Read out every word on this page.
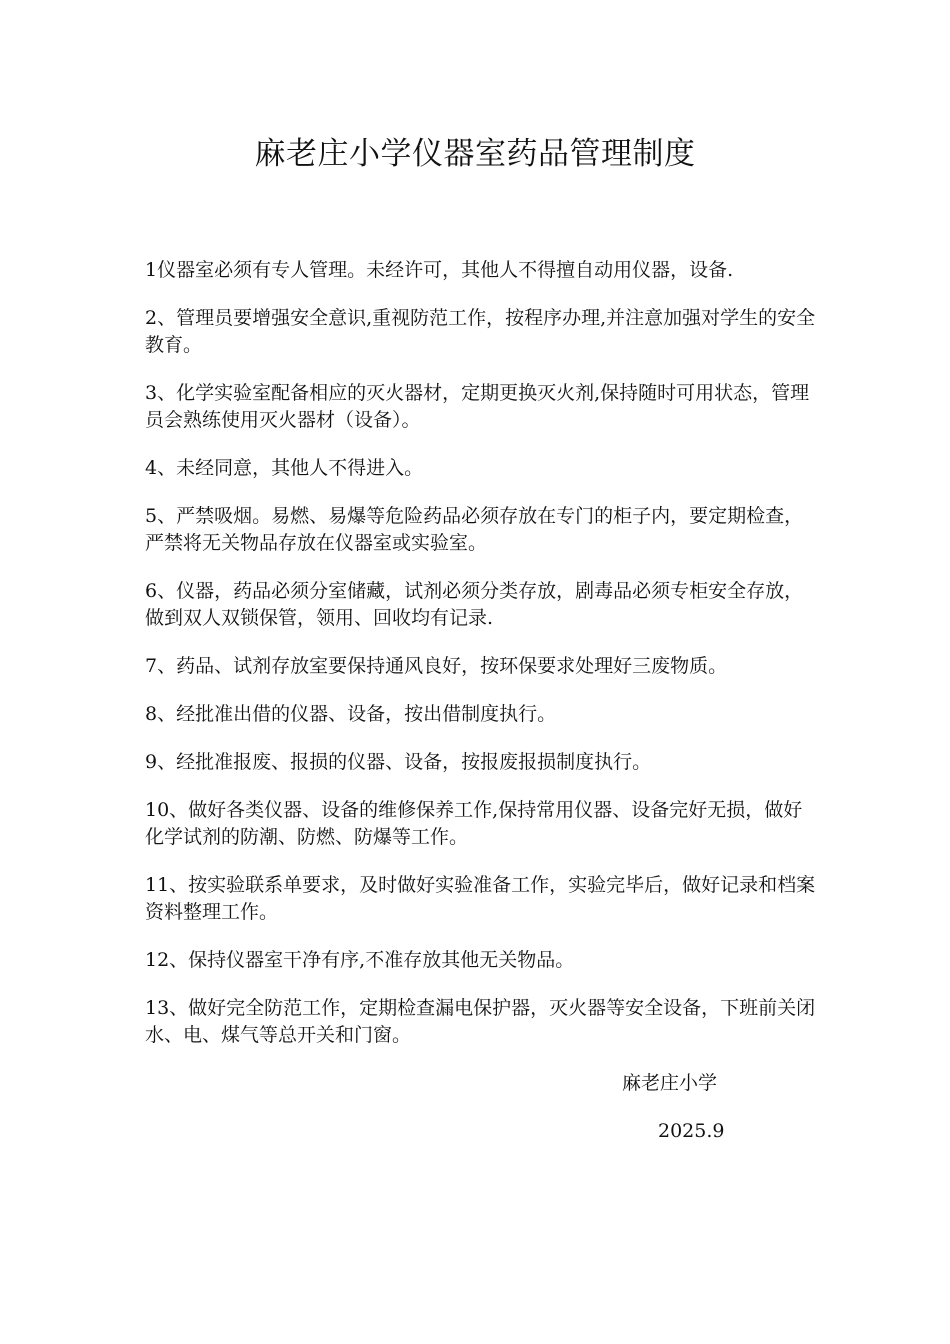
麻老庄小学仪器室药品管理制度
1仪器室必须有专人管理。未经许可，其他人不得擅自动用仪器，设备.
2、管理员要增强安全意识,重视防范工作，按程序办理,并注意加强对学生的安全教育。
3、化学实验室配备相应的灭火器材，定期更换灭火剂,保持随时可用状态，管理员会熟练使用灭火器材（设备）。
4、未经同意，其他人不得进入。
5、严禁吸烟。易燃、易爆等危险药品必须存放在专门的柜子内，要定期检查，严禁将无关物品存放在仪器室或实验室。
6、仪器，药品必须分室储藏，试剂必须分类存放，剧毒品必须专柜安全存放，做到双人双锁保管，领用、回收均有记录.
7、药品、试剂存放室要保持通风良好，按环保要求处理好三废物质。
8、经批准出借的仪器、设备，按出借制度执行。
9、经批准报废、报损的仪器、设备，按报废报损制度执行。
10、做好各类仪器、设备的维修保养工作,保持常用仪器、设备完好无损，做好化学试剂的防潮、防燃、防爆等工作。
11、按实验联系单要求，及时做好实验准备工作，实验完毕后，做好记录和档案资料整理工作。
12、保持仪器室干净有序,不准存放其他无关物品。
13、做好完全防范工作，定期检查漏电保护器，灭火器等安全设备，下班前关闭水、电、煤气等总开关和门窗。
麻老庄小学
2025.9
